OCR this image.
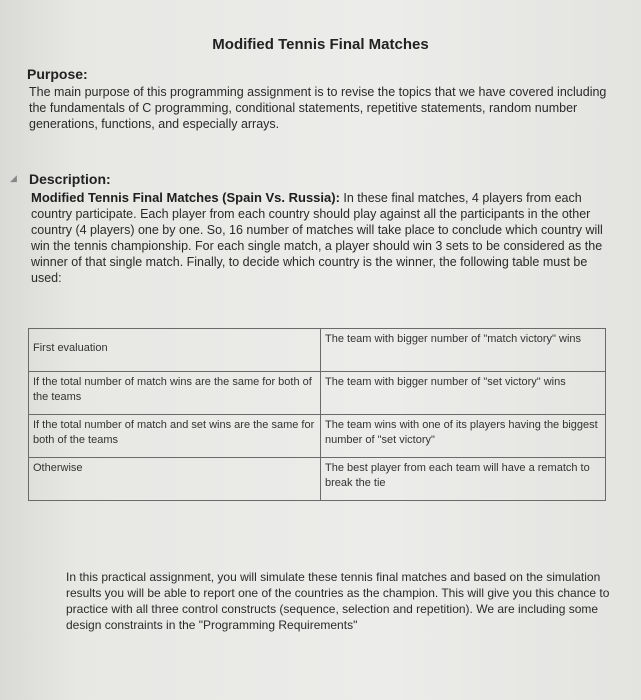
Modified Tennis Final Matches
Purpose:
The main purpose of this programming assignment is to revise the topics that we have covered including the fundamentals of C programming, conditional statements, repetitive statements, random number generations, functions, and especially arrays.
◢ Description:
Modified Tennis Final Matches (Spain Vs. Russia): In these final matches, 4 players from each country participate. Each player from each country should play against all the participants in the other country (4 players) one by one. So, 16 number of matches will take place to conclude which country will win the tennis championship. For each single match, a player should win 3 sets to be considered as the winner of that single match. Finally, to decide which country is the winner, the following table must be used:
First evaluation	The team with bigger number of "match victory" wins
If the total number of match wins are the same for both of the teams	The team with bigger number of "set victory" wins
If the total number of match and set wins are the same for both of the teams	The team wins with one of its players having the biggest number of "set victory"
Otherwise	The best player from each team will have a rematch to break the tie
In this practical assignment, you will simulate these tennis final matches and based on the simulation results you will be able to report one of the countries as the champion. This will give you this chance to practice with all three control constructs (sequence, selection and repetition). We are including some design constraints in the "Programming Requirements"
